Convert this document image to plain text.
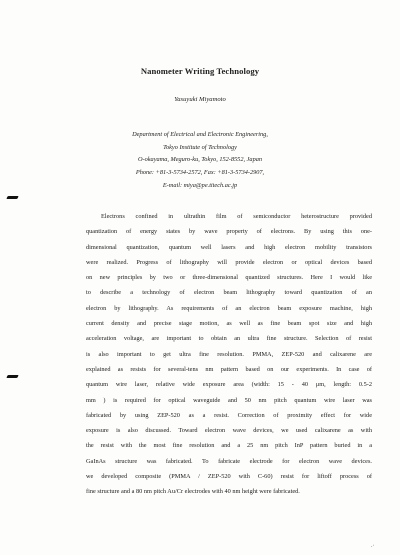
Nanometer Writing Technology
Yasuyuki Miyamoto
Department of Electrical and Electronic Engineering,
Tokyo Institute of Technology
O-okayama, Meguro-ku, Tokyo, 152-8552, Japan
Phone: +81-3-5734-2572, Fax: +81-3-5734-2907,
E-mail: miya@pe.titech.ac.jp
Electrons confined in ultrathin film of semiconductor heterostructure provided
quantization of energy states by wave property of electrons. By using this one-
dimensional quantization, quantum well lasers and high electron mobility transistors
were realized. Progress of lithography will provide electron or optical devices based
on new principles by two or three-dimensional quantized structures. Here I would like
to describe a technology of electron beam lithography toward quantization of an
electron by lithography. As requirements of an electron beam exposure machine, high
current density and precise stage motion, as well as fine beam spot size and high
acceleration voltage, are important to obtain an ultra fine structure. Selection of resist
is also important to get ultra fine resolution. PMMA, ZEP-520 and calixarene are
explained as resists for several-tens nm pattern based on our experiments. In case of
quantum wire laser, relative wide exposure area (width: 15 - 40 μm, length: 0.5-2
mm ) is required for optical waveguide and 50 nm pitch quantum wire laser was
fabricated by using ZEP-520 as a resist. Correction of proximity effect for wide
exposure is also discussed. Toward electron wave devices, we used calixarene as with
the resist with the most fine resolution and a 25 nm pitch InP pattern buried in a
GaInAs structure was fabricated. To fabricate electrode for electron wave devices.
we developed composite (PMMA / ZEP-520 with C-60) resist for liftoff process of
fine structure and a 80 nm pitch Au/Cr electrodes with 40 nm height were fabricated.
.·
